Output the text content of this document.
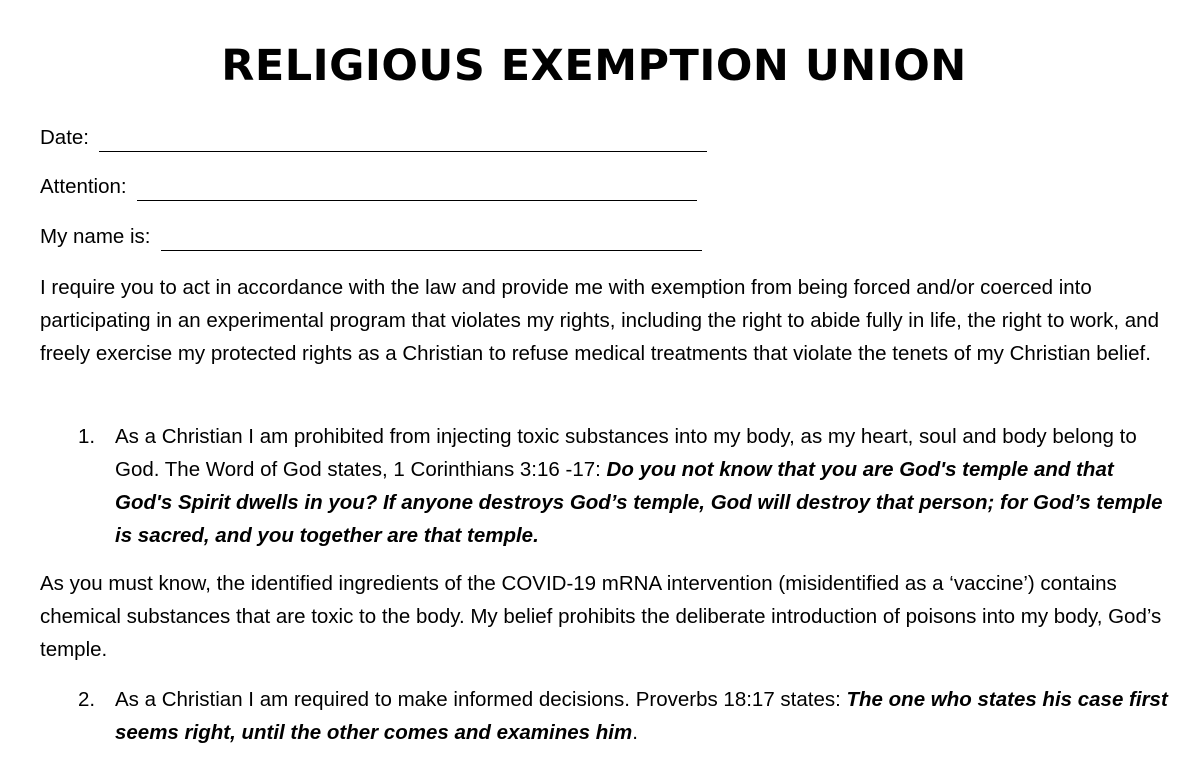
RELIGIOUS EXEMPTION UNION
Date:
Attention:
My name is:
I require you to act in accordance with the law and provide me with exemption from being forced and/or coerced into participating in an experimental program that violates my rights, including the right to abide fully in life, the right to work, and freely exercise my protected rights as a Christian to refuse medical treatments that violate the tenets of my Christian belief.
1. As a Christian I am prohibited from injecting toxic substances into my body, as my heart, soul and body belong to God. The Word of God states, 1 Corinthians 3:16 -17: Do you not know that you are God's temple and that God's Spirit dwells in you? If anyone destroys God’s temple, God will destroy that person; for God’s temple is sacred, and you together are that temple.
As you must know, the identified ingredients of the COVID-19 mRNA intervention (misidentified as a ‘vaccine’) contains chemical substances that are toxic to the body. My belief prohibits the deliberate introduction of poisons into my body, God’s temple.
2. As a Christian I am required to make informed decisions. Proverbs 18:17 states: The one who states his case first seems right, until the other comes and examines him.
